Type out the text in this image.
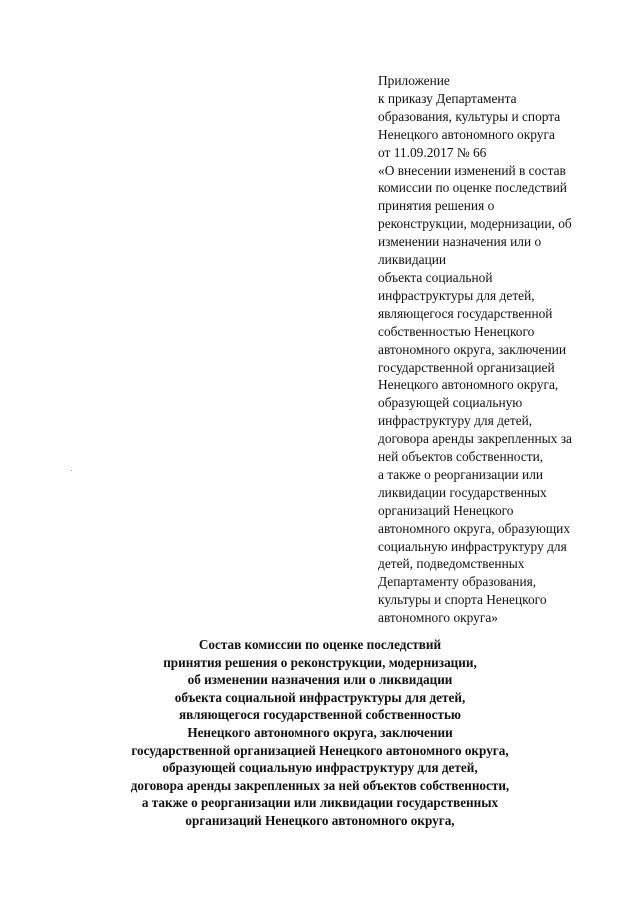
Приложение
к приказу Департамента
образования, культуры и спорта
Ненецкого автономного округа
от 11.09.2017 № 66
«О внесении изменений в состав
комиссии по оценке последствий
принятия решения о
реконструкции, модернизации, об
изменении назначения или о
ликвидации
объекта социальной
инфраструктуры для детей,
являющегося государственной
собственностью Ненецкого
автономного округа, заключении
государственной организацией
Ненецкого автономного округа,
образующей социальную
инфраструктуру для детей,
договора аренды закрепленных за
ней объектов собственности,
а также о реорганизации или
ликвидации государственных
организаций Ненецкого
автономного округа, образующих
социальную инфраструктуру для
детей, подведомственных
Департаменту образования,
культуры и спорта Ненецкого
автономного округа»
Состав комиссии по оценке последствий
принятия решения о реконструкции, модернизации,
об изменении назначения или о ликвидации
объекта социальной инфраструктуры для детей,
являющегося государственной собственностью
Ненецкого автономного округа, заключении
государственной организацией Ненецкого автономного округа,
образующей социальную инфраструктуру для детей,
договора аренды закрепленных за ней объектов собственности,
а также о реорганизации или ликвидации государственных
организаций Ненецкого автономного округа,
